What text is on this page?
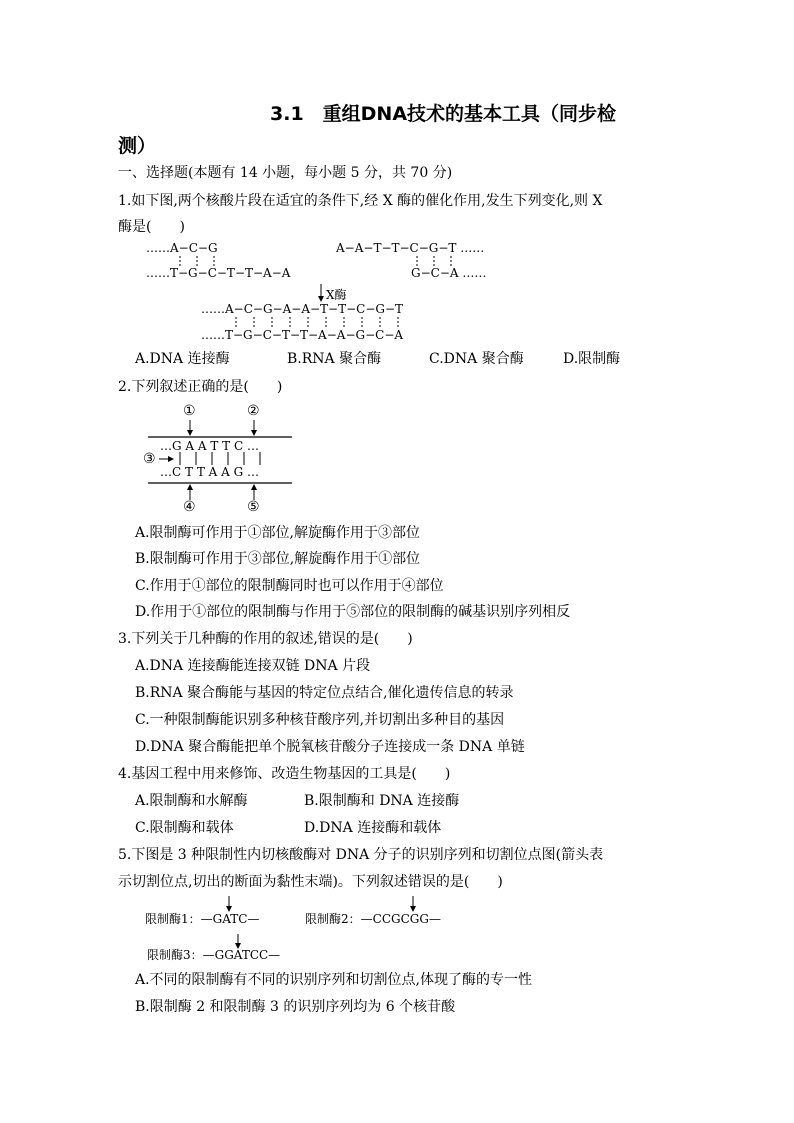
3.1　重组DNA技术的基本工具（同步检
测）
一、选择题(本题有 14 小题，每小题 5 分，共 70 分)
1.如下图,两个核酸片段在适宜的条件下,经 X 酶的催化作用,发生下列变化,则 X
酶是(　　)
……A−C−G
……T−G−C−T−T−A−A
A−A−T−T−C−G−T ……
G−C−A ……
X酶
……A−C−G−A−A−T−T−C−G−T
……T−G−C−T−T−A−A−G−C−A
A.DNA 连接酶	B.RNA 聚合酶	C.DNA 聚合酶	D.限制酶
2.下列叙述正确的是(　　)
①	②
③
④	⑤
…G A A T T C …
…C T T A A G …
A.限制酶可作用于①部位,解旋酶作用于③部位
B.限制酶可作用于③部位,解旋酶作用于①部位
C.作用于①部位的限制酶同时也可以作用于④部位
D.作用于①部位的限制酶与作用于⑤部位的限制酶的碱基识别序列相反
3.下列关于几种酶的作用的叙述,错误的是(　　)
A.DNA 连接酶能连接双链 DNA 片段
B.RNA 聚合酶能与基因的特定位点结合,催化遗传信息的转录
C.一种限制酶能识别多种核苷酸序列,并切割出多种目的基因
D.DNA 聚合酶能把单个脱氧核苷酸分子连接成一条 DNA 单链
4.基因工程中用来修饰、改造生物基因的工具是(　　)
A.限制酶和水解酶	B.限制酶和 DNA 连接酶
C.限制酶和载体	D.DNA 连接酶和载体
5.下图是 3 种限制性内切核酸酶对 DNA 分子的识别序列和切割位点图(箭头表
示切割位点,切出的断面为黏性末端)。下列叙述错误的是(　　)
限制酶1：—GATC—	限制酶2：—CCGCGG—
限制酶3：—GGATCC—
A.不同的限制酶有不同的识别序列和切割位点,体现了酶的专一性
B.限制酶 2 和限制酶 3 的识别序列均为 6 个核苷酸
